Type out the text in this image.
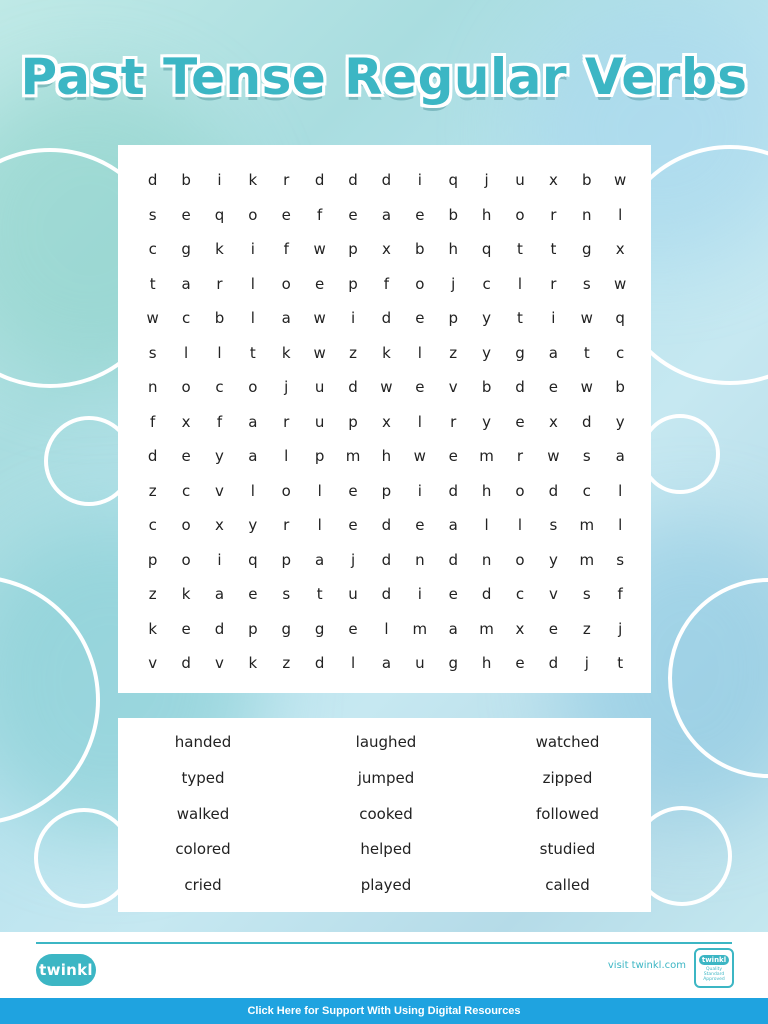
Past Tense Regular Verbs
d	b	i	k	r	d	d	d	i	q	j	u	x	b	w
s	e	q	o	e	f	e	a	e	b	h	o	r	n	l
c	g	k	i	f	w	p	x	b	h	q	t	t	g	x
t	a	r	l	o	e	p	f	o	j	c	l	r	s	w
w	c	b	l	a	w	i	d	e	p	y	t	i	w	q
s	l	l	t	k	w	z	k	l	z	y	g	a	t	c
n	o	c	o	j	u	d	w	e	v	b	d	e	w	b
f	x	f	a	r	u	p	x	l	r	y	e	x	d	y
d	e	y	a	l	p	m	h	w	e	m	r	w	s	a
z	c	v	l	o	l	e	p	i	d	h	o	d	c	l
c	o	x	y	r	l	e	d	e	a	l	l	s	m	l
p	o	i	q	p	a	j	d	n	d	n	o	y	m	s
z	k	a	e	s	t	u	d	i	e	d	c	v	s	f
k	e	d	p	g	g	e	l	m	a	m	x	e	z	j
v	d	v	k	z	d	l	a	u	g	h	e	d	j	t
handed	laughed	watched
typed	jumped	zipped
walked	cooked	followed
colored	helped	studied
cried	played	called
twinkl	visit twinkl.com
twinkl
Quality Standard Approved
Click Here for Support With Using Digital Resources
